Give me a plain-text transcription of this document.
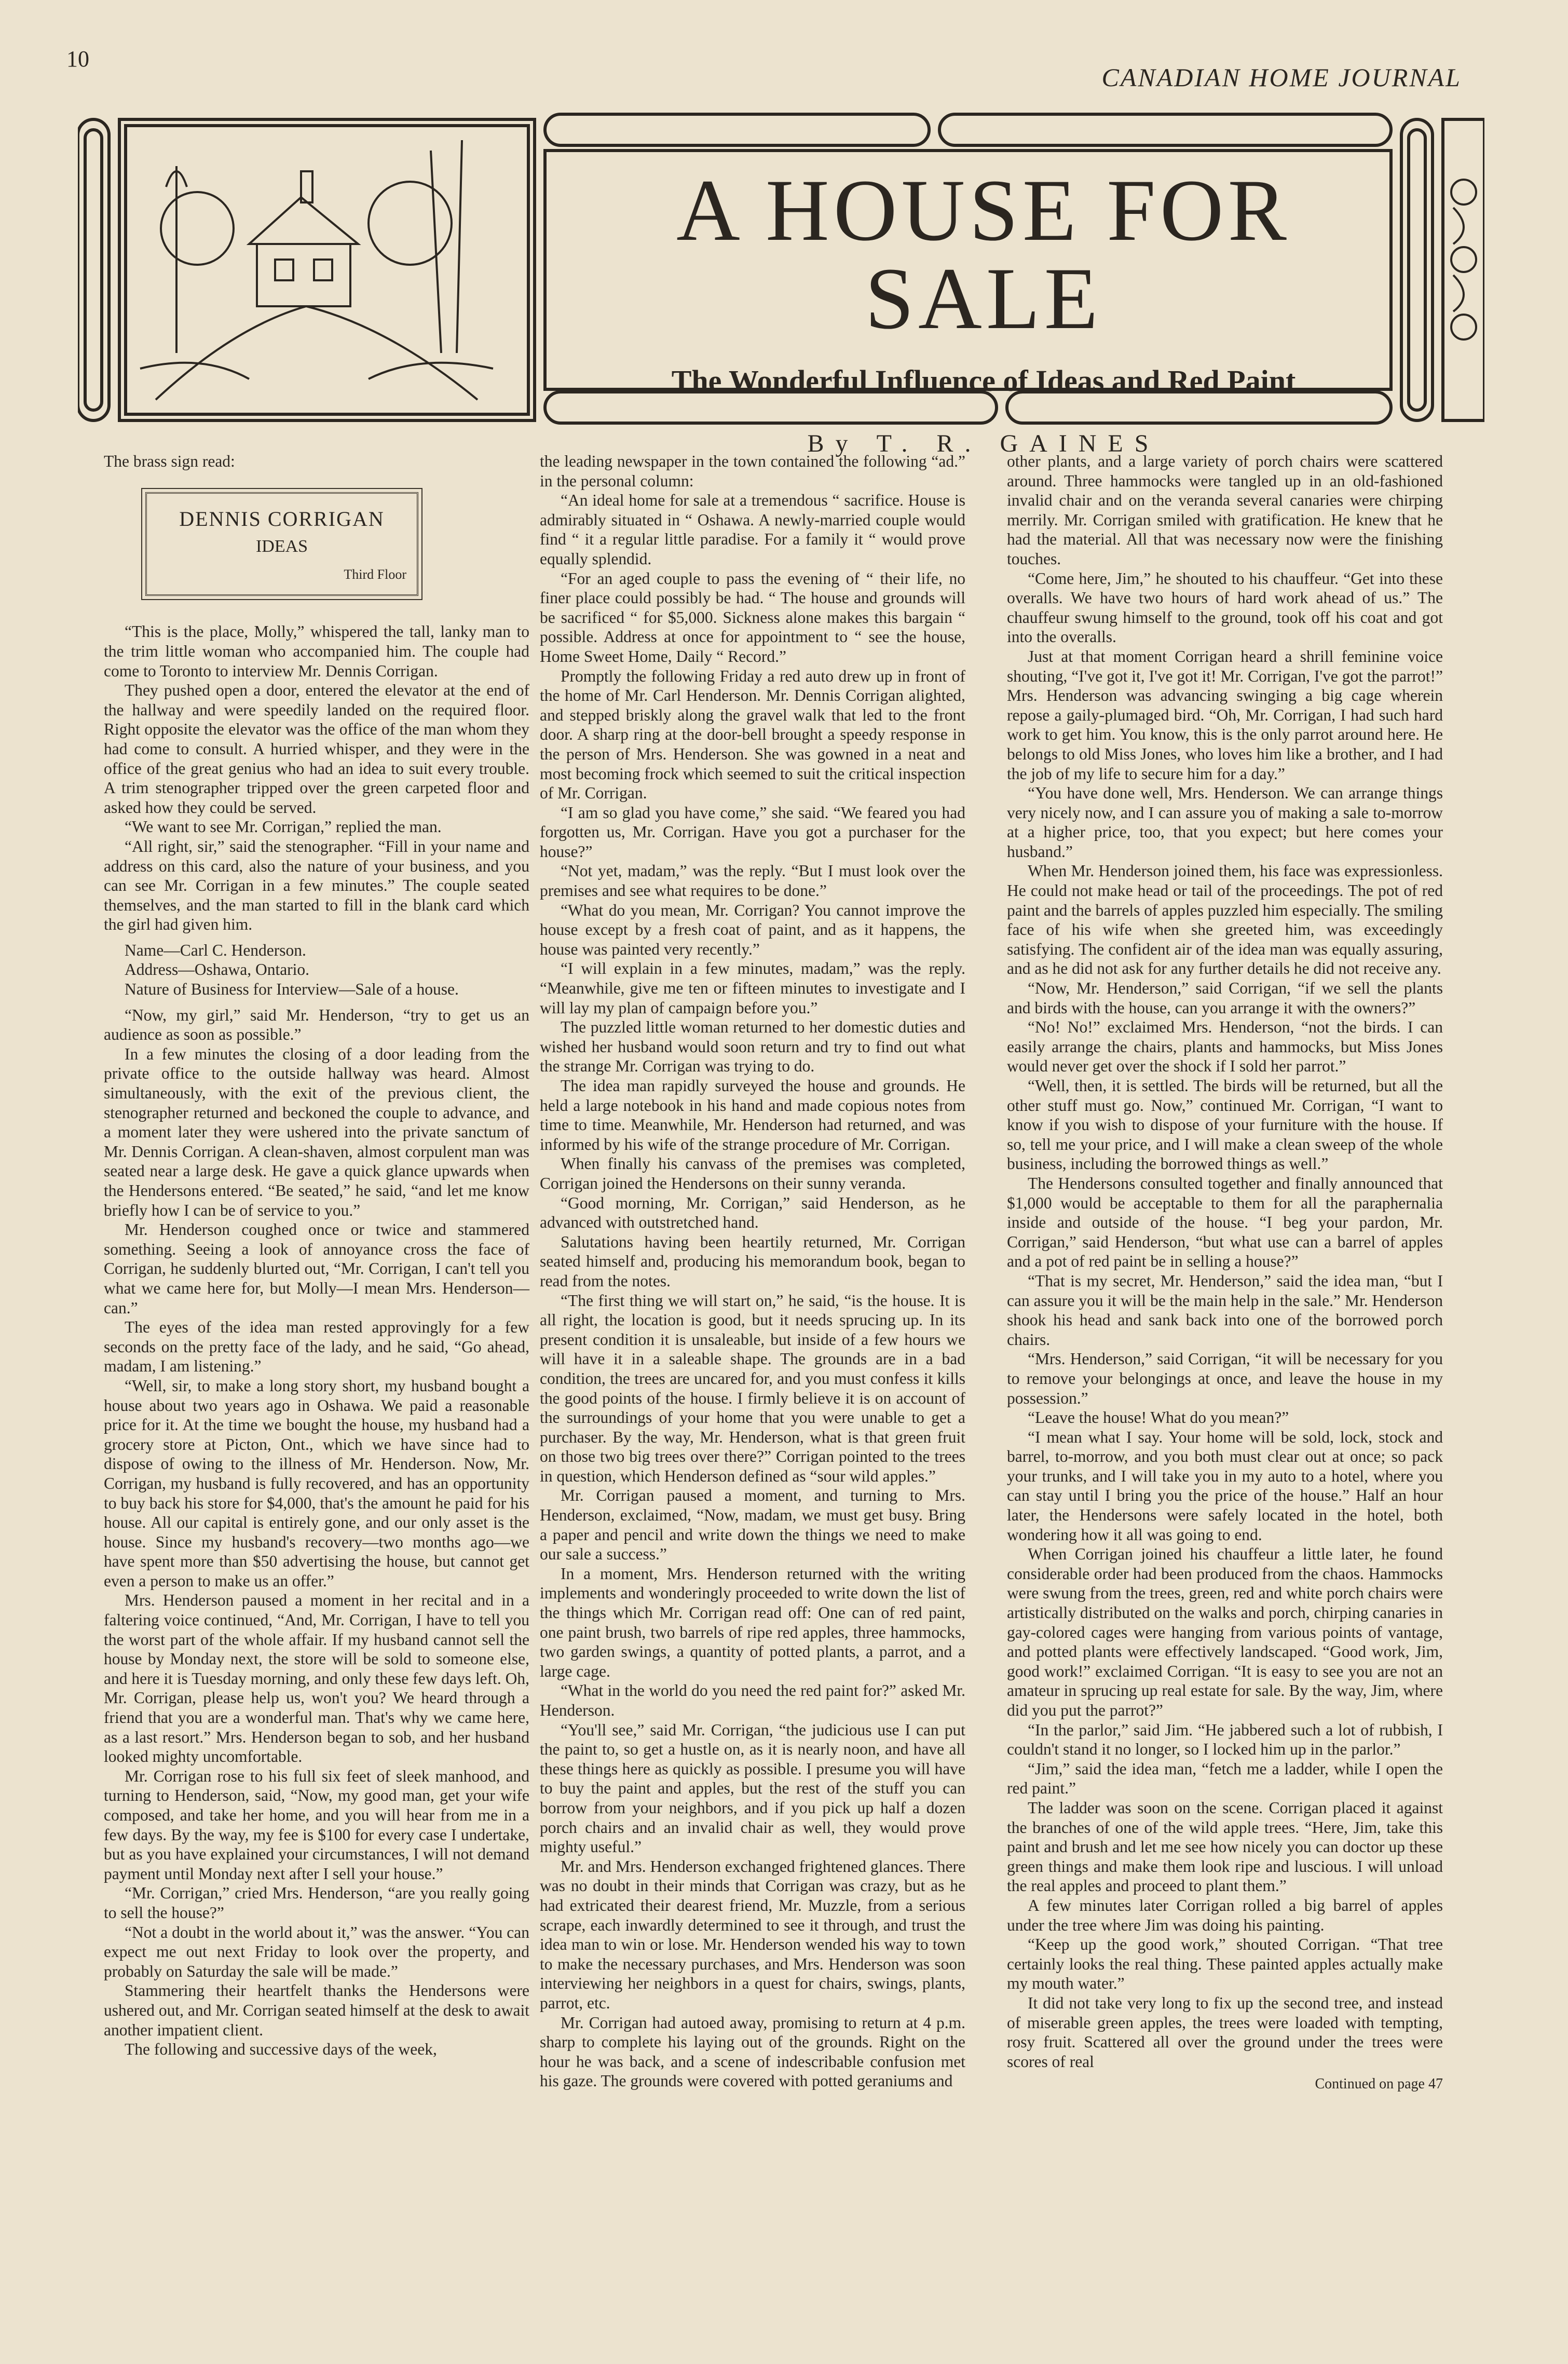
10
CANADIAN HOME JOURNAL
A HOUSE FOR SALE
The Wonderful Influence of Ideas and Red Paint
By T. R. GAINES

The brass sign read:

DENNIS CORRIGAN
IDEAS
Third Floor

“This is the place, Molly,” whispered the tall, lanky man to the trim little woman who accompanied him. The couple had come to Toronto to interview Mr. Dennis Corrigan.

They pushed open a door, entered the elevator at the end of the hallway and were speedily landed on the required floor. Right opposite the elevator was the office of the man whom they had come to consult. A hurried whisper, and they were in the office of the great genius who had an idea to suit every trouble. A trim stenographer tripped over the green carpeted floor and asked how they could be served.

“We want to see Mr. Corrigan,” replied the man.

“All right, sir,” said the stenographer. “Fill in your name and address on this card, also the nature of your business, and you can see Mr. Corrigan in a few minutes.” The couple seated themselves, and the man started to fill in the blank card which the girl had given him.

Name—Carl C. Henderson.

Address—Oshawa, Ontario.

Nature of Business for Interview—Sale of a house.

“Now, my girl,” said Mr. Henderson, “try to get us an audience as soon as possible.”

In a few minutes the closing of a door leading from the private office to the outside hallway was heard. Almost simultaneously, with the exit of the previous client, the stenographer returned and beckoned the couple to advance, and a moment later they were ushered into the private sanctum of Mr. Dennis Corrigan. A clean-shaven, almost corpulent man was seated near a large desk. He gave a quick glance upwards when the Hendersons entered. “Be seated,” he said, “and let me know briefly how I can be of service to you.”

Mr. Henderson coughed once or twice and stammered something. Seeing a look of annoyance cross the face of Corrigan, he suddenly blurted out, “Mr. Corrigan, I can't tell you what we came here for, but Molly—I mean Mrs. Henderson—can.”

The eyes of the idea man rested approvingly for a few seconds on the pretty face of the lady, and he said, “Go ahead, madam, I am listening.”

“Well, sir, to make a long story short, my husband bought a house about two years ago in Oshawa. We paid a reasonable price for it. At the time we bought the house, my husband had a grocery store at Picton, Ont., which we have since had to dispose of owing to the illness of Mr. Henderson. Now, Mr. Corrigan, my husband is fully recovered, and has an opportunity to buy back his store for $4,000, that's the amount he paid for his house. All our capital is entirely gone, and our only asset is the house. Since my husband's recovery—two months ago—we have spent more than $50 advertising the house, but cannot get even a person to make us an offer.”

Mrs. Henderson paused a moment in her recital and in a faltering voice continued, “And, Mr. Corrigan, I have to tell you the worst part of the whole affair. If my husband cannot sell the house by Monday next, the store will be sold to someone else, and here it is Tuesday morning, and only these few days left. Oh, Mr. Corrigan, please help us, won't you? We heard through a friend that you are a wonderful man. That's why we came here, as a last resort.” Mrs. Henderson began to sob, and her husband looked mighty uncomfortable.

Mr. Corrigan rose to his full six feet of sleek manhood, and turning to Henderson, said, “Now, my good man, get your wife composed, and take her home, and you will hear from me in a few days. By the way, my fee is $100 for every case I undertake, but as you have explained your circumstances, I will not demand payment until Monday next after I sell your house.”

“Mr. Corrigan,” cried Mrs. Henderson, “are you really going to sell the house?”

“Not a doubt in the world about it,” was the answer. “You can expect me out next Friday to look over the property, and probably on Saturday the sale will be made.”

Stammering their heartfelt thanks the Hendersons were ushered out, and Mr. Corrigan seated himself at the desk to await another impatient client.

The following and successive days of the week,

the leading newspaper in the town contained the following “ad.” in the personal column:

“An ideal home for sale at a tremendous “ sacrifice. House is admirably situated in “ Oshawa. A newly-married couple would find “ it a regular little paradise. For a family it “ would prove equally splendid.

“For an aged couple to pass the evening of “ their life, no finer place could possibly be had. “ The house and grounds will be sacrificed “ for $5,000. Sickness alone makes this bargain “ possible. Address at once for appointment to “ see the house, Home Sweet Home, Daily “ Record.”

Promptly the following Friday a red auto drew up in front of the home of Mr. Carl Henderson. Mr. Dennis Corrigan alighted, and stepped briskly along the gravel walk that led to the front door. A sharp ring at the door-bell brought a speedy response in the person of Mrs. Henderson. She was gowned in a neat and most becoming frock which seemed to suit the critical inspection of Mr. Corrigan.

“I am so glad you have come,” she said. “We feared you had forgotten us, Mr. Corrigan. Have you got a purchaser for the house?”

“Not yet, madam,” was the reply. “But I must look over the premises and see what requires to be done.”

“What do you mean, Mr. Corrigan? You cannot improve the house except by a fresh coat of paint, and as it happens, the house was painted very recently.”

“I will explain in a few minutes, madam,” was the reply. “Meanwhile, give me ten or fifteen minutes to investigate and I will lay my plan of campaign before you.”

The puzzled little woman returned to her domestic duties and wished her husband would soon return and try to find out what the strange Mr. Corrigan was trying to do.

The idea man rapidly surveyed the house and grounds. He held a large notebook in his hand and made copious notes from time to time. Meanwhile, Mr. Henderson had returned, and was informed by his wife of the strange procedure of Mr. Corrigan.

When finally his canvass of the premises was completed, Corrigan joined the Hendersons on their sunny veranda.

“Good morning, Mr. Corrigan,” said Henderson, as he advanced with outstretched hand.

Salutations having been heartily returned, Mr. Corrigan seated himself and, producing his memorandum book, began to read from the notes.

“The first thing we will start on,” he said, “is the house. It is all right, the location is good, but it needs sprucing up. In its present condition it is unsaleable, but inside of a few hours we will have it in a saleable shape. The grounds are in a bad condition, the trees are uncared for, and you must confess it kills the good points of the house. I firmly believe it is on account of the surroundings of your home that you were unable to get a purchaser. By the way, Mr. Henderson, what is that green fruit on those two big trees over there?” Corrigan pointed to the trees in question, which Henderson defined as “sour wild apples.”

Mr. Corrigan paused a moment, and turning to Mrs. Henderson, exclaimed, “Now, madam, we must get busy. Bring a paper and pencil and write down the things we need to make our sale a success.”

In a moment, Mrs. Henderson returned with the writing implements and wonderingly proceeded to write down the list of the things which Mr. Corrigan read off: One can of red paint, one paint brush, two barrels of ripe red apples, three hammocks, two garden swings, a quantity of potted plants, a parrot, and a large cage.

“What in the world do you need the red paint for?” asked Mr. Henderson.

“You'll see,” said Mr. Corrigan, “the judicious use I can put the paint to, so get a hustle on, as it is nearly noon, and have all these things here as quickly as possible. I presume you will have to buy the paint and apples, but the rest of the stuff you can borrow from your neighbors, and if you pick up half a dozen porch chairs and an invalid chair as well, they would prove mighty useful.”

Mr. and Mrs. Henderson exchanged frightened glances. There was no doubt in their minds that Corrigan was crazy, but as he had extricated their dearest friend, Mr. Muzzle, from a serious scrape, each inwardly determined to see it through, and trust the idea man to win or lose. Mr. Henderson wended his way to town to make the necessary purchases, and Mrs. Henderson was soon interviewing her neighbors in a quest for chairs, swings, plants, parrot, etc.

Mr. Corrigan had autoed away, promising to return at 4 p.m. sharp to complete his laying out of the grounds. Right on the hour he was back, and a scene of indescribable confusion met his gaze. The grounds were covered with potted geraniums and

other plants, and a large variety of porch chairs were scattered around. Three hammocks were tangled up in an old-fashioned invalid chair and on the veranda several canaries were chirping merrily. Mr. Corrigan smiled with gratification. He knew that he had the material. All that was necessary now were the finishing touches.

“Come here, Jim,” he shouted to his chauffeur. “Get into these overalls. We have two hours of hard work ahead of us.” The chauffeur swung himself to the ground, took off his coat and got into the overalls.

Just at that moment Corrigan heard a shrill feminine voice shouting, “I've got it, I've got it! Mr. Corrigan, I've got the parrot!” Mrs. Henderson was advancing swinging a big cage wherein repose a gaily-plumaged bird. “Oh, Mr. Corrigan, I had such hard work to get him. You know, this is the only parrot around here. He belongs to old Miss Jones, who loves him like a brother, and I had the job of my life to secure him for a day.”

“You have done well, Mrs. Henderson. We can arrange things very nicely now, and I can assure you of making a sale to-morrow at a higher price, too, that you expect; but here comes your husband.”

When Mr. Henderson joined them, his face was expressionless. He could not make head or tail of the proceedings. The pot of red paint and the barrels of apples puzzled him especially. The smiling face of his wife when she greeted him, was exceedingly satisfying. The confident air of the idea man was equally assuring, and as he did not ask for any further details he did not receive any.

“Now, Mr. Henderson,” said Corrigan, “if we sell the plants and birds with the house, can you arrange it with the owners?”

“No! No!” exclaimed Mrs. Henderson, “not the birds. I can easily arrange the chairs, plants and hammocks, but Miss Jones would never get over the shock if I sold her parrot.”

“Well, then, it is settled. The birds will be returned, but all the other stuff must go. Now,” continued Mr. Corrigan, “I want to know if you wish to dispose of your furniture with the house. If so, tell me your price, and I will make a clean sweep of the whole business, including the borrowed things as well.”

The Hendersons consulted together and finally announced that $1,000 would be acceptable to them for all the paraphernalia inside and outside of the house. “I beg your pardon, Mr. Corrigan,” said Henderson, “but what use can a barrel of apples and a pot of red paint be in selling a house?”

“That is my secret, Mr. Henderson,” said the idea man, “but I can assure you it will be the main help in the sale.” Mr. Henderson shook his head and sank back into one of the borrowed porch chairs.

“Mrs. Henderson,” said Corrigan, “it will be necessary for you to remove your belongings at once, and leave the house in my possession.”

“Leave the house! What do you mean?”

“I mean what I say. Your home will be sold, lock, stock and barrel, to-morrow, and you both must clear out at once; so pack your trunks, and I will take you in my auto to a hotel, where you can stay until I bring you the price of the house.” Half an hour later, the Hendersons were safely located in the hotel, both wondering how it all was going to end.

When Corrigan joined his chauffeur a little later, he found considerable order had been produced from the chaos. Hammocks were swung from the trees, green, red and white porch chairs were artistically distributed on the walks and porch, chirping canaries in gay-colored cages were hanging from various points of vantage, and potted plants were effectively landscaped. “Good work, Jim, good work!” exclaimed Corrigan. “It is easy to see you are not an amateur in sprucing up real estate for sale. By the way, Jim, where did you put the parrot?”

“In the parlor,” said Jim. “He jabbered such a lot of rubbish, I couldn't stand it no longer, so I locked him up in the parlor.”

“Jim,” said the idea man, “fetch me a ladder, while I open the red paint.”

The ladder was soon on the scene. Corrigan placed it against the branches of one of the wild apple trees. “Here, Jim, take this paint and brush and let me see how nicely you can doctor up these green things and make them look ripe and luscious. I will unload the real apples and proceed to plant them.”

A few minutes later Corrigan rolled a big barrel of apples under the tree where Jim was doing his painting.

“Keep up the good work,” shouted Corrigan. “That tree certainly looks the real thing. These painted apples actually make my mouth water.”

It did not take very long to fix up the second tree, and instead of miserable green apples, the trees were loaded with tempting, rosy fruit. Scattered all over the ground under the trees were scores of real

Continued on page 47
